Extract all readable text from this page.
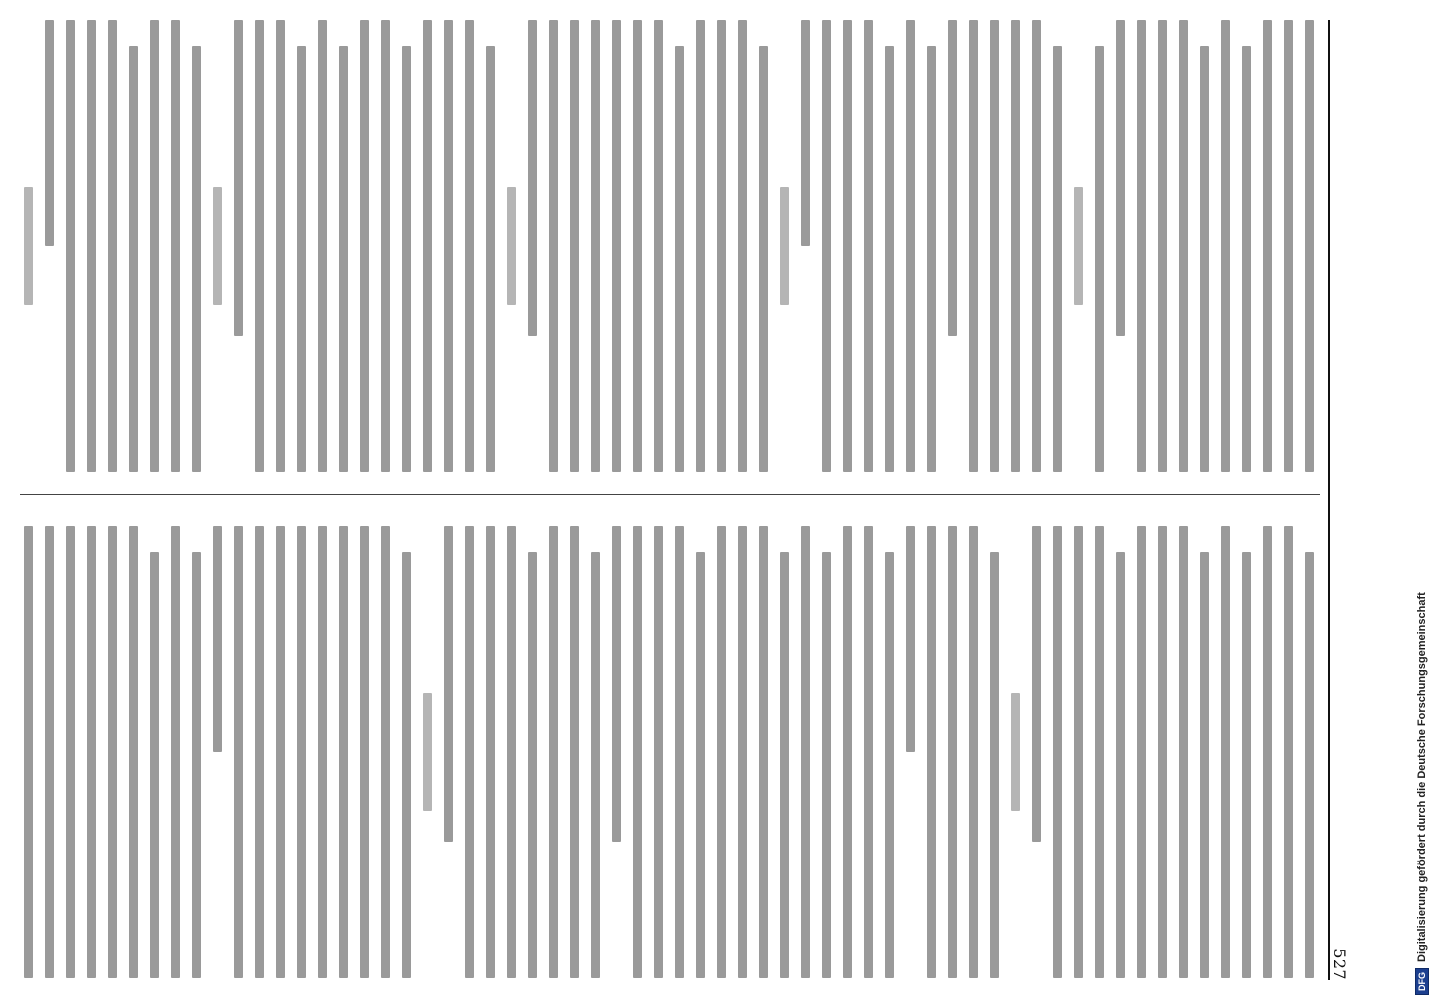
527
DFG
Digitalisierung gefördert durch die Deutsche Forschungsgemeinschaft
